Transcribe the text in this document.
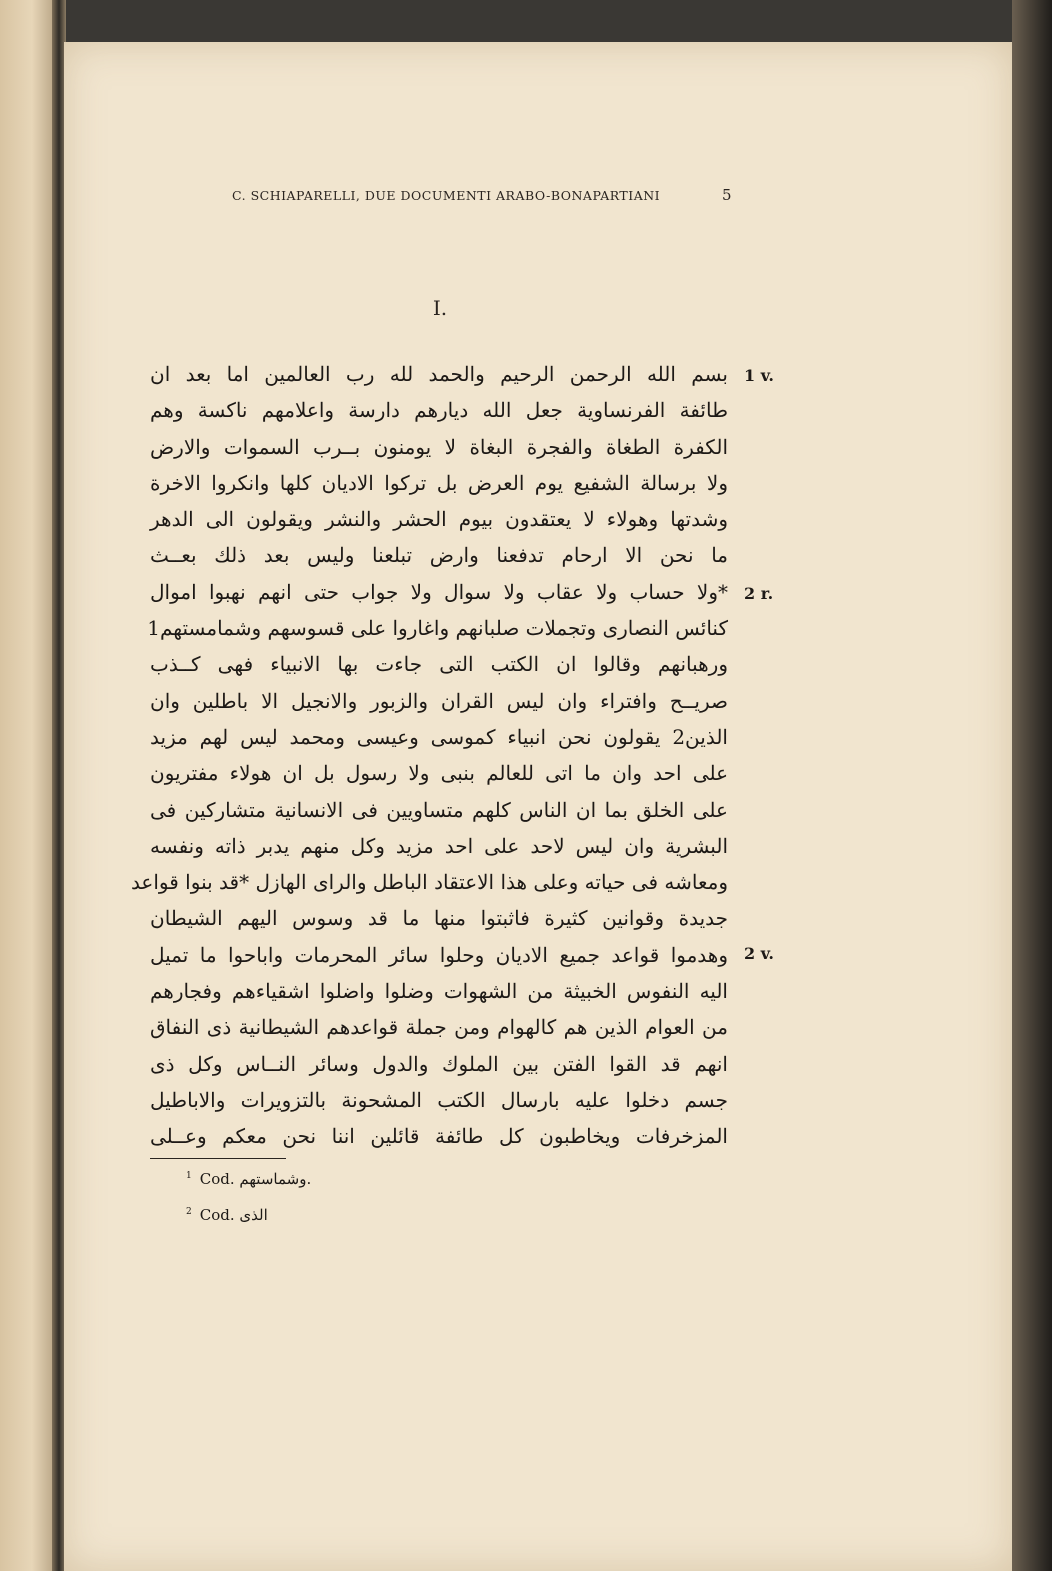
C. SCHIAPARELLI, DUE DOCUMENTI ARABO-BONAPARTIANI	5
I.
1 v.
2 r.
2 v.
بسم الله الرحمن الرحيم والحمد لله رب العالمين اما بعد ان
طائفة الفرنساوية جعل الله ديارهم دارسة واعلامهم ناكسة وهم
الكفرة الطغاة والفجرة البغاة لا يومنون بــرب السموات والارض
ولا برسالة الشفيع يوم العرض بل تركوا الاديان كلها وانكروا الاخرة
وشدتها وهولاء لا يعتقدون بيوم الحشر والنشر ويقولون الى الدهر
ما نحن الا ارحام تدفعنا وارض تبلعنا وليس بعد ذلك بعــث
*ولا حساب ولا عقاب ولا سوال ولا جواب حتى انهم نهبوا اموال
كنائس النصارى وتجملات صلبانهم واغاروا على قسوسهم وشمامستهم1
ورهبانهم وقالوا ان الكتب التى جاءت بها الانبياء فهى كــذب
صريــح وافتراء وان ليس القران والزبور والانجيل الا باطلين وان
الذين2 يقولون نحن انبياء كموسى وعيسى ومحمد ليس لهم مزيد
على احد وان ما اتى للعالم بنبى ولا رسول بل ان هولاء مفتريون
على الخلق بما ان الناس كلهم متساويين فى الانسانية متشاركين فى
البشرية وان ليس لاحد على احد مزيد وكل منهم يدبر ذاته ونفسه
ومعاشه فى حياته وعلى هذا الاعتقاد الباطل والراى الهازل *قد بنوا قواعد
جديدة وقوانين كثيرة فاثبتوا منها ما قد وسوس اليهم الشيطان
وهدموا قواعد جميع الاديان وحلوا سائر المحرمات واباحوا ما تميل
اليه النفوس الخبيثة من الشهوات وضلوا واضلوا اشقياءهم وفجارهم
من العوام الذين هم كالهوام ومن جملة قواعدهم الشيطانية ذى النفاق
انهم قد القوا الفتن بين الملوك والدول وسائر النــاس وكل ذى
جسم دخلوا عليه بارسال الكتب المشحونة بالتزويرات والاباطيل
المزخرفات ويخاطبون كل طائفة قائلين اننا نحن معكم وعــلى
$^1$ Cod. وشماستهم.
$^2$ Cod. الذى
